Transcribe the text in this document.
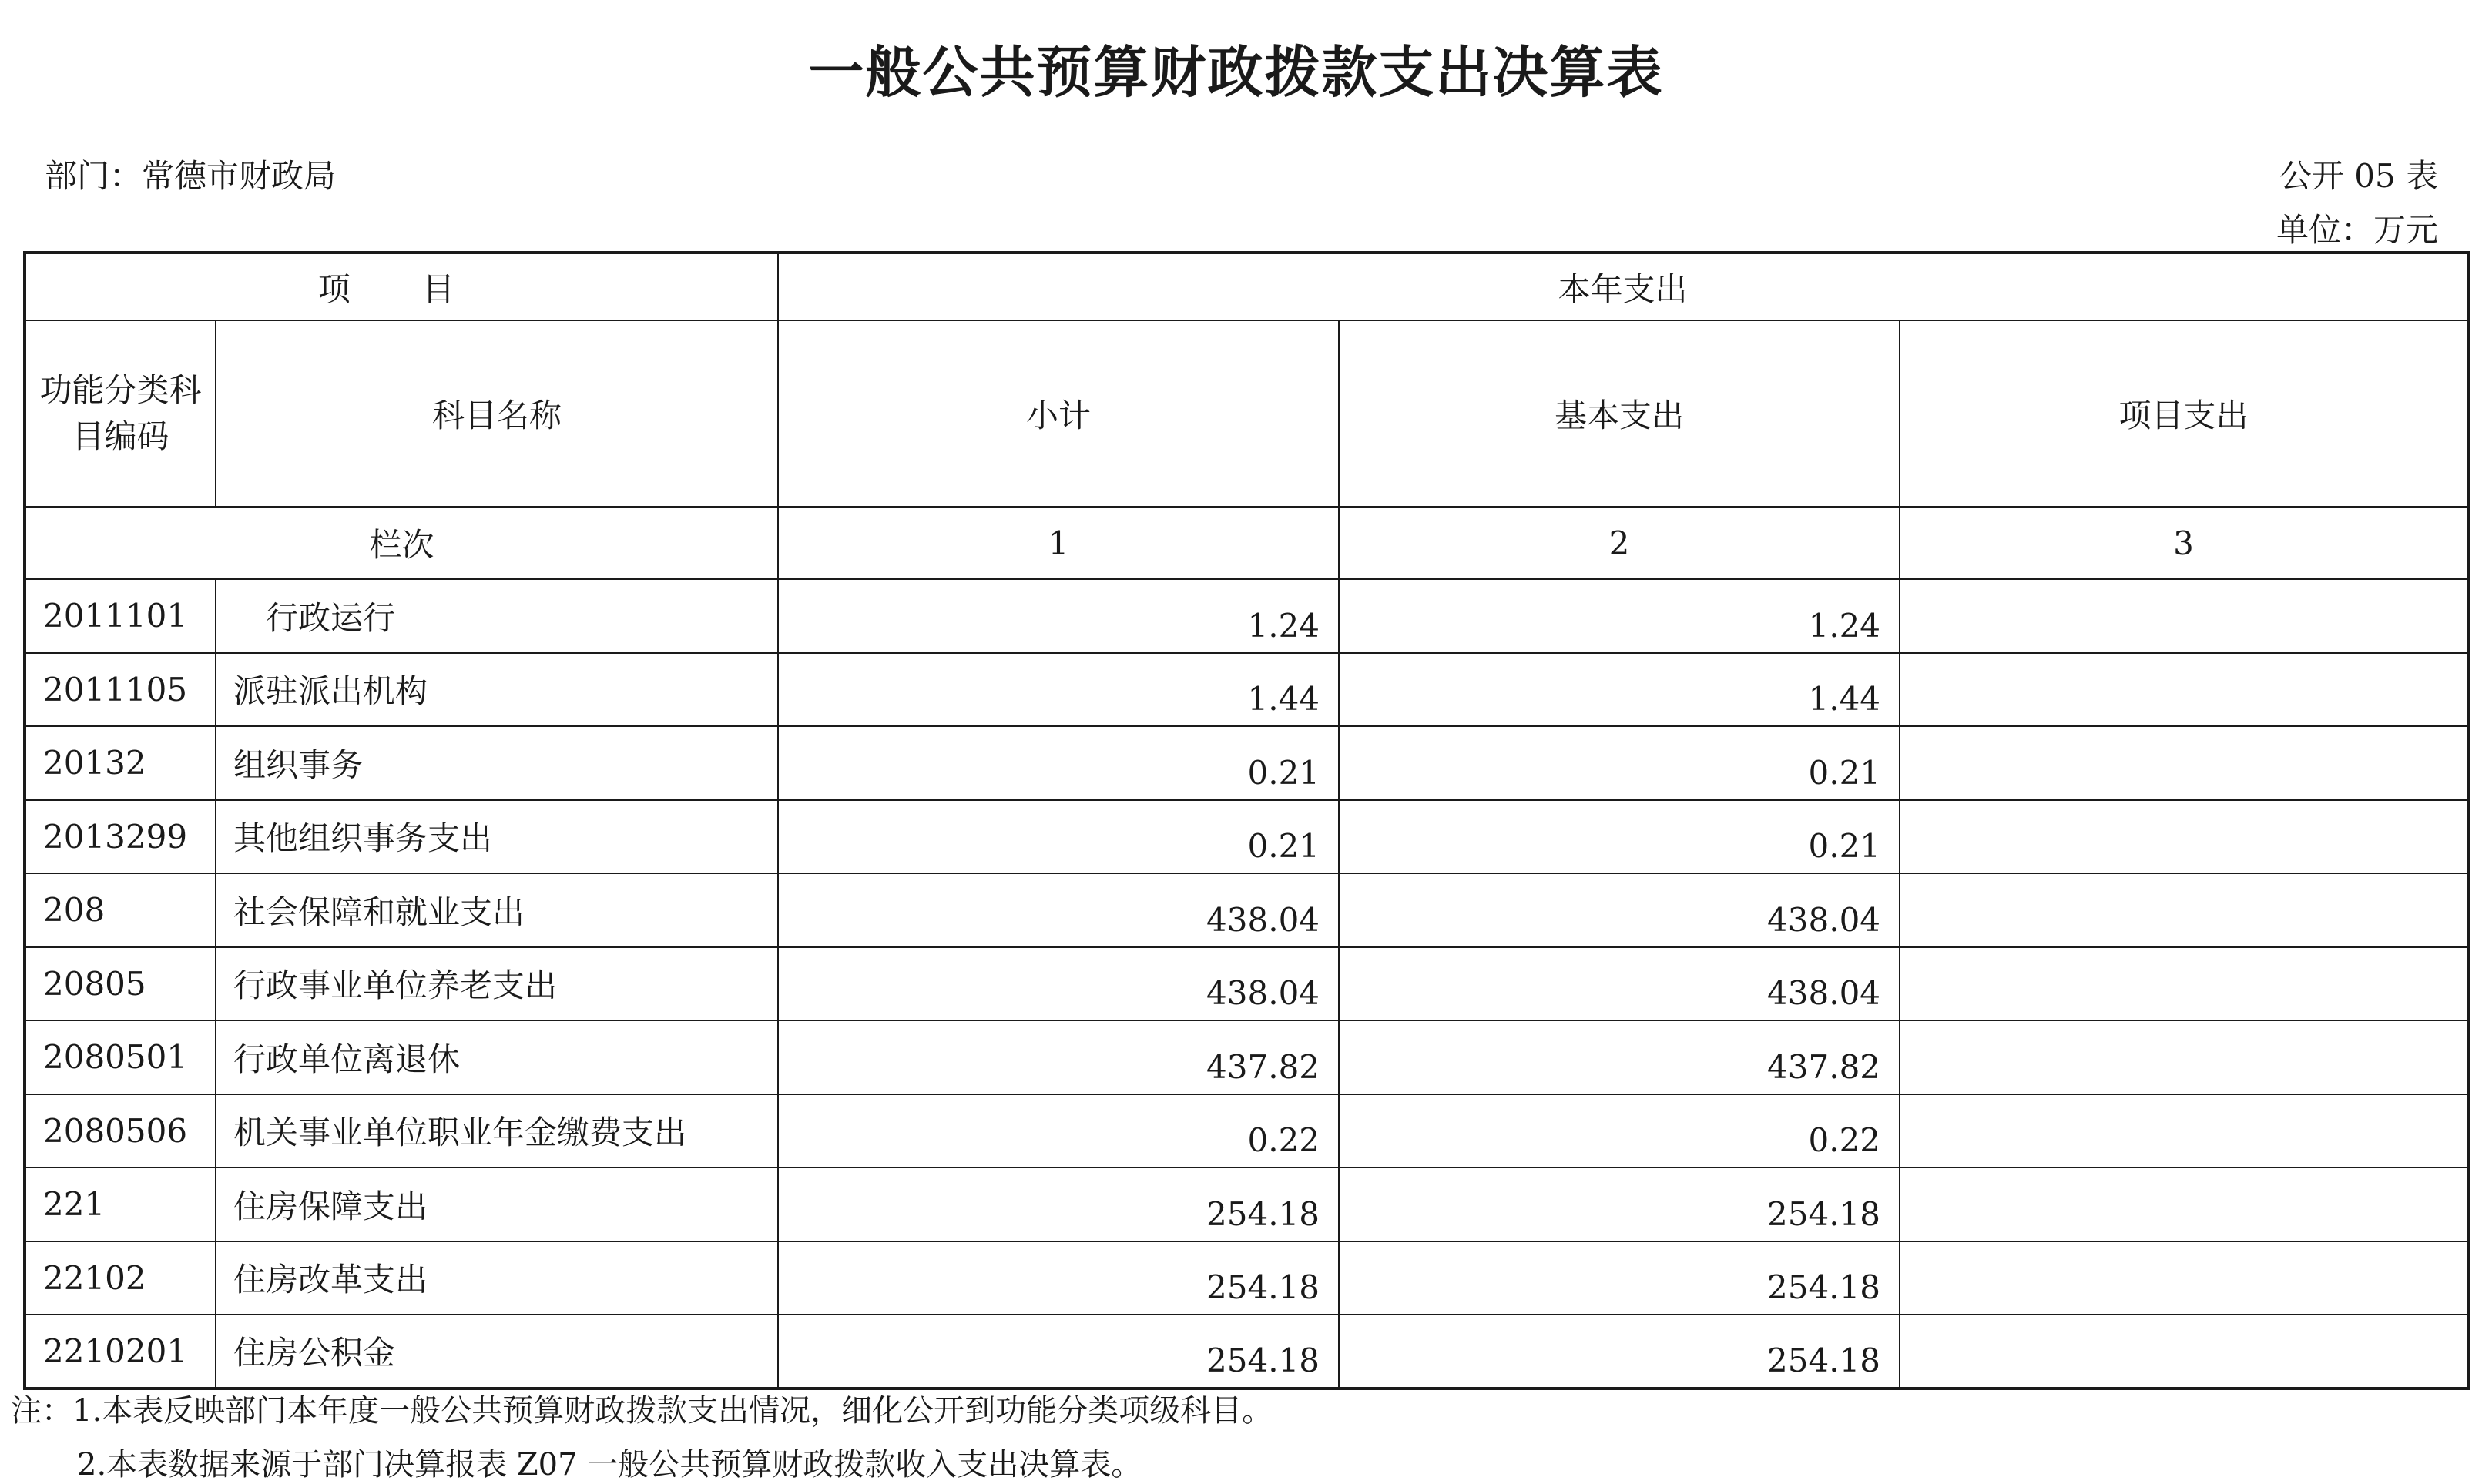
一般公共预算财政拨款支出决算表
部门：常德市财政局	公开 05 表
单位：万元
项 目		本年支出		
功能分类科目编码	科目名称	小计	基本支出	项目支出
栏次		1	2	3
2011101	　行政运行	1.24	1.24	
2011105	派驻派出机构	1.44	1.44	
20132	组织事务	0.21	0.21	
2013299	其他组织事务支出	0.21	0.21	
208	社会保障和就业支出	438.04	438.04	
20805	行政事业单位养老支出	438.04	438.04	
2080501	行政单位离退休	437.82	437.82	
2080506	机关事业单位职业年金缴费支出	0.22	0.22	
221	住房保障支出	254.18	254.18	
22102	住房改革支出	254.18	254.18	
2210201	住房公积金	254.18	254.18	
注：1.本表反映部门本年度一般公共预算财政拨款支出情况，细化公开到功能分类项级科目。
2.本表数据来源于部门决算报表 Z07 一般公共预算财政拨款收入支出决算表。
